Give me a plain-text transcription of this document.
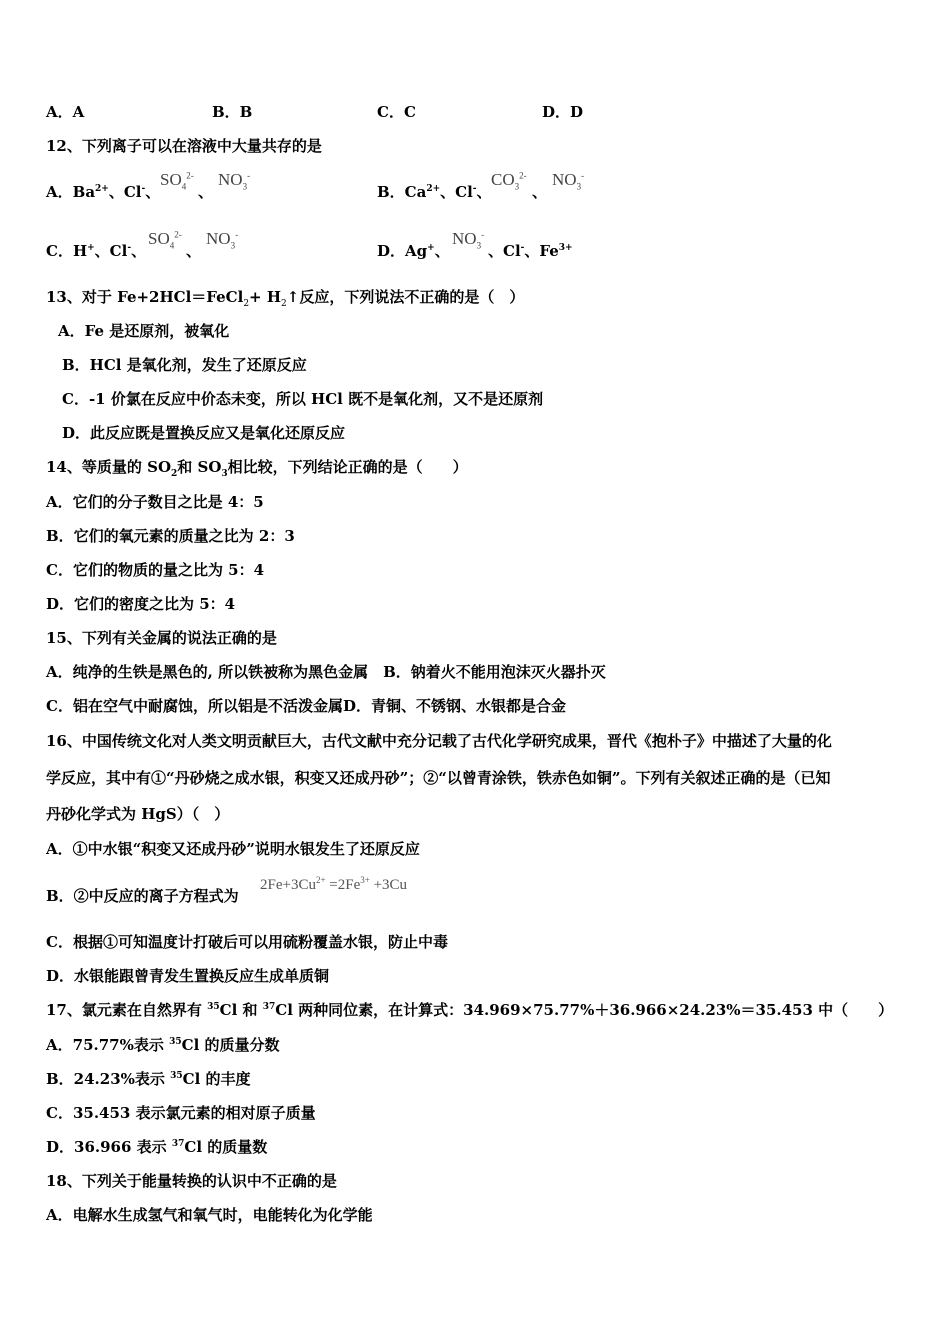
A．A	B．B	C．C	D．D
12、下列离子可以在溶液中大量共存的是
A．$Ba^{2+}$、Cl-、
$SO_4^{2-}$
、
$NO_3^-$
B．$Ca^{2+}$、Cl-、
$CO_3^{2-}$
、
$NO_3^-$
C．H+、Cl-、
$SO_4^{2-}$
、
$NO_3^-$
D．Ag+、
$NO_3^-$
、Cl-、$Fe^{3+}$
13、对于 Fe+2HCl＝FeCl$_2$+ $H_2↑$反应，下列说法不正确的是（　）
A．Fe 是还原剂，被氧化
B．HCl 是氧化剂，发生了还原反应
C．-1 价氯在反应中价态未变，所以 HCl 既不是氧化剂，又不是还原剂
D．此反应既是置换反应又是氧化还原反应
14、等质量的 $SO_2$和 $SO_3$相比较，下列结论正确的是（　　）
A．它们的分子数目之比是 4：5
B．它们的氧元素的质量之比为 2：3
C．它们的物质的量之比为 5：4
D．它们的密度之比为 5：4
15、下列有关金属的说法正确的是
A．纯净的生铁是黑色的, 所以铁被称为黑色金属　B．钠着火不能用泡沫灭火器扑灭
C．铝在空气中耐腐蚀，所以铝是不活泼金属D．青铜、不锈钢、水银都是合金
16、中国传统文化对人类文明贡献巨大，古代文献中充分记载了古代化学研究成果，晋代《抱朴子》中描述了大量的化
学反应，其中有①“丹砂烧之成水银，积变又还成丹砂”；②“以曾青涂铁，铁赤色如铜”。下列有关叙述正确的是（已知
丹砂化学式为 HgS）（　）
A．①中水银“积变又还成丹砂”说明水银发生了还原反应
B．②中反应的离子方程式为
$2Fe+3Cu^{2+} =2Fe^{3+} +3Cu$
C．根据①可知温度计打破后可以用硫粉覆盖水银，防止中毒
D．水银能跟曾青发生置换反应生成单质铜
17、氯元素在自然界有 $^{35}$Cl 和 $^{37}$Cl 两种同位素，在计算式：34.969×75.77%＋36.966×24.23%＝35.453 中（　　）
A．75.77%表示 $^{35}$Cl 的质量分数
B．24.23%表示 $^{35}$Cl 的丰度
C．35.453 表示氯元素的相对原子质量
D．36.966 表示 $^{37}$Cl 的质量数
18、下列关于能量转换的认识中不正确的是
A．电解水生成氢气和氧气时，电能转化为化学能
